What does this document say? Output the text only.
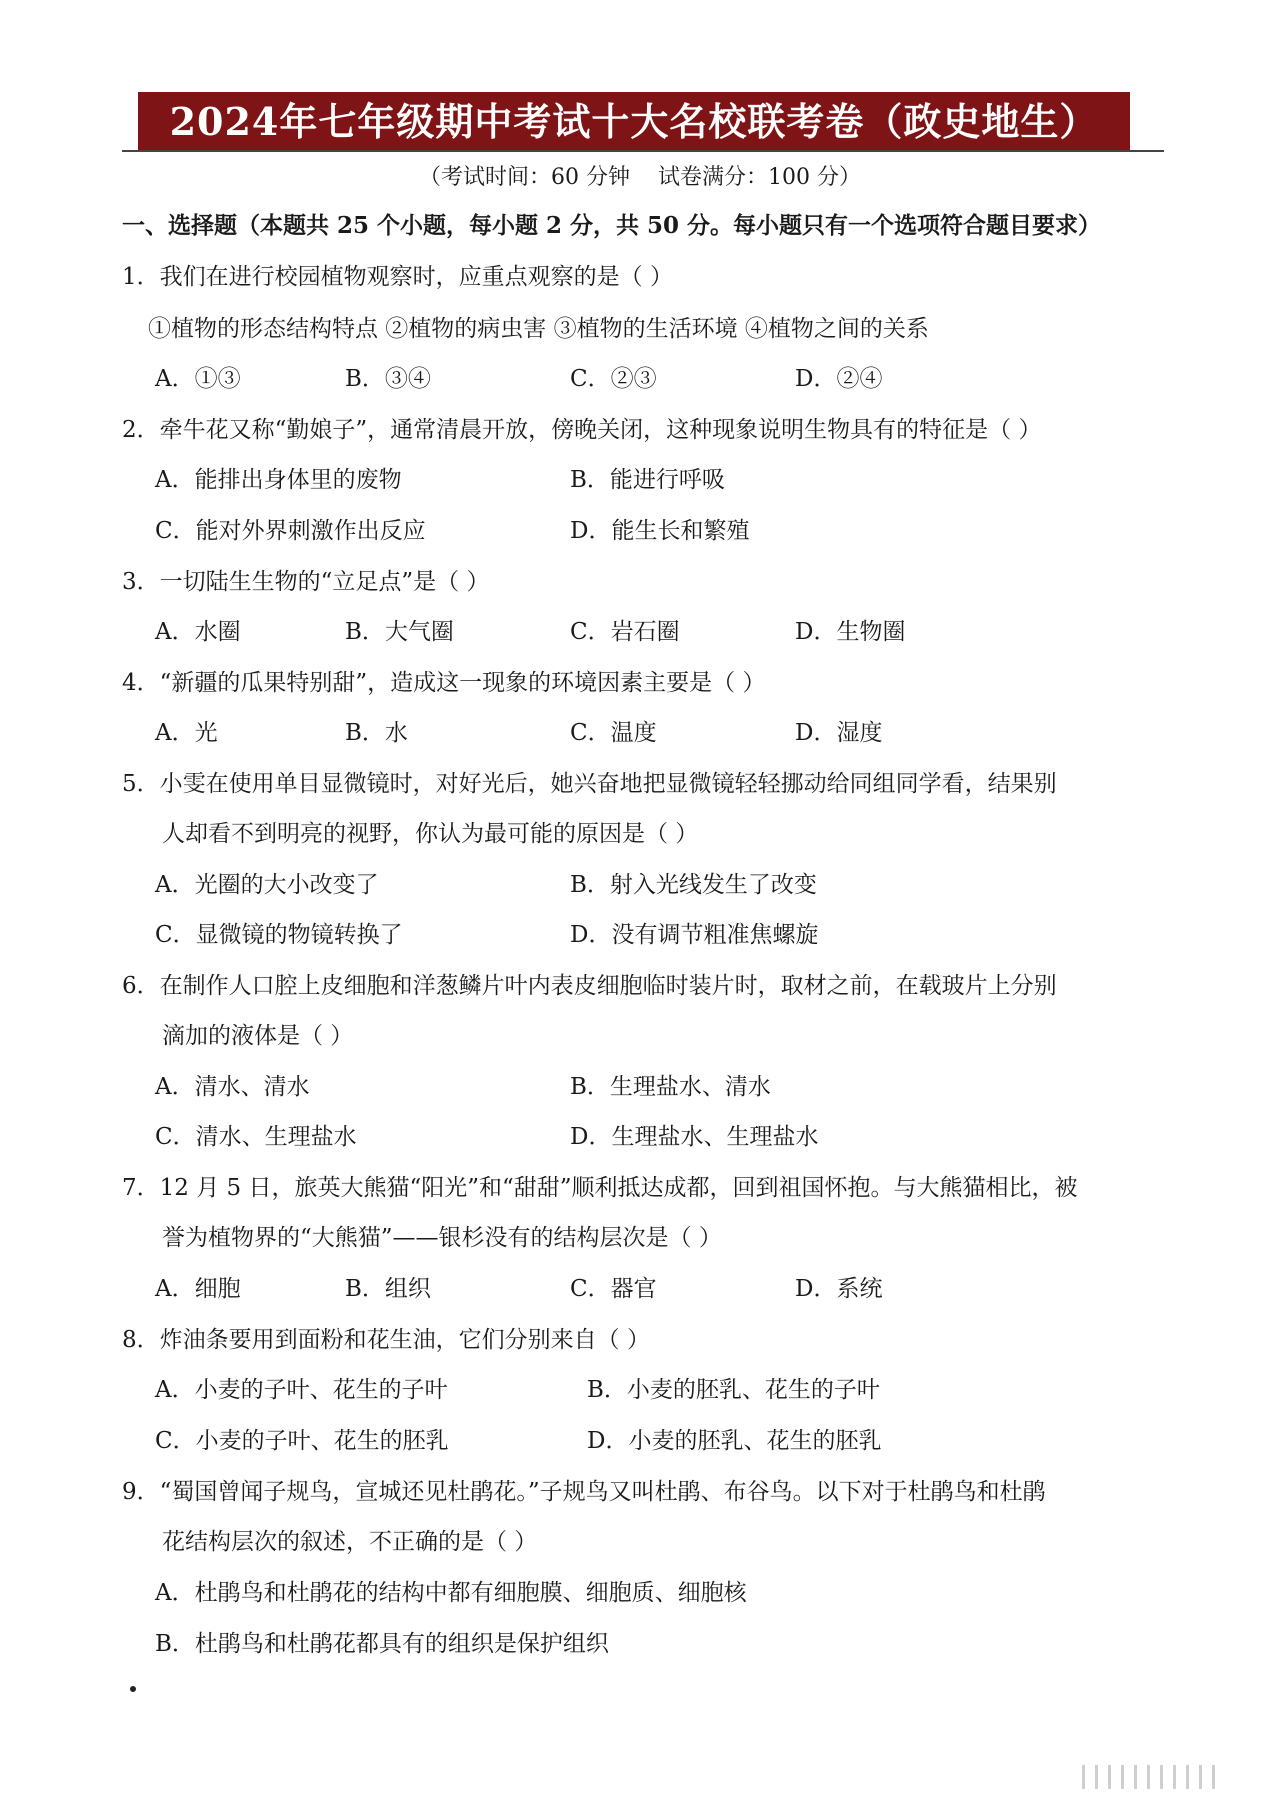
2024年七年级期中考试十大名校联考卷（政史地生）
（考试时间：60 分钟    试卷满分：100 分）
一、选择题（本题共 25 个小题，每小题 2 分，共 50 分。每小题只有一个选项符合题目要求）
1．我们在进行校园植物观察时，应重点观察的是（ ）
①植物的形态结构特点 ②植物的病虫害 ③植物的生活环境 ④植物之间的关系
A．①③	B．③④	C．②③	D．②④
2．牵牛花又称“勤娘子”，通常清晨开放，傍晚关闭，这种现象说明生物具有的特征是（ ）
A．能排出身体里的废物	B．能进行呼吸
C．能对外界刺激作出反应	D．能生长和繁殖
3．一切陆生生物的“立足点”是（ ）
A．水圈	B．大气圈	C．岩石圈	D．生物圈
4．“新疆的瓜果特别甜”，造成这一现象的环境因素主要是（ ）
A．光	B．水	C．温度	D．湿度
5．小雯在使用单目显微镜时，对好光后，她兴奋地把显微镜轻轻挪动给同组同学看，结果别
人却看不到明亮的视野，你认为最可能的原因是（ ）
A．光圈的大小改变了	B．射入光线发生了改变
C．显微镜的物镜转换了	D．没有调节粗准焦螺旋
6．在制作人口腔上皮细胞和洋葱鳞片叶内表皮细胞临时装片时，取材之前，在载玻片上分别
滴加的液体是（ ）
A．清水、清水	B．生理盐水、清水
C．清水、生理盐水	D．生理盐水、生理盐水
7．12 月 5 日，旅英大熊猫“阳光”和“甜甜”顺利抵达成都，回到祖国怀抱。与大熊猫相比，被
誉为植物界的“大熊猫”——银杉没有的结构层次是（ ）
A．细胞	B．组织	C．器官	D．系统
8．炸油条要用到面粉和花生油，它们分别来自（ ）
A．小麦的子叶、花生的子叶	B．小麦的胚乳、花生的子叶
C．小麦的子叶、花生的胚乳	D．小麦的胚乳、花生的胚乳
9．“蜀国曾闻子规鸟，宣城还见杜鹃花。”子规鸟又叫杜鹃、布谷鸟。以下对于杜鹃鸟和杜鹃
花结构层次的叙述，不正确的是（ ）
A．杜鹃鸟和杜鹃花的结构中都有细胞膜、细胞质、细胞核
B．杜鹃鸟和杜鹃花都具有的组织是保护组织
